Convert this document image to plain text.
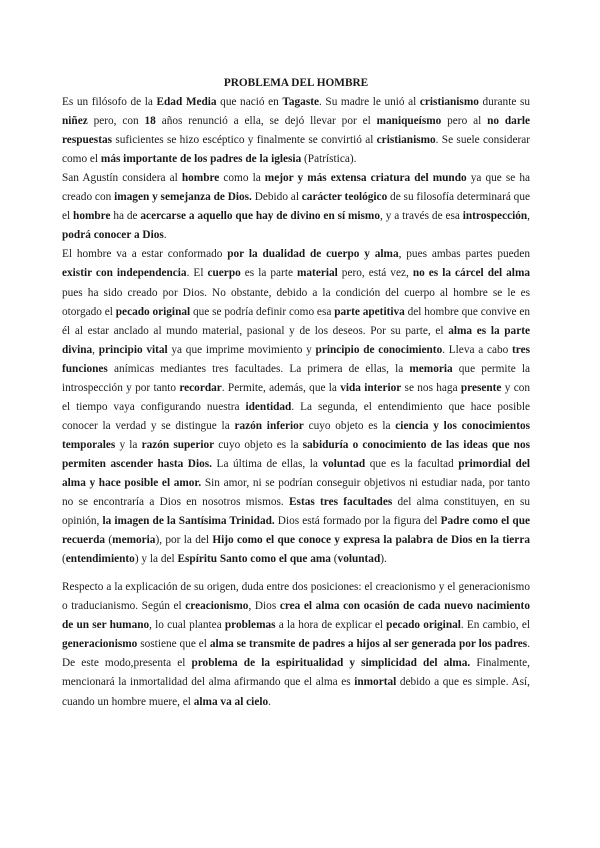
PROBLEMA DEL HOMBRE

Es un filósofo de la Edad Media que nació en Tagaste. Su madre le unió al cristianismo durante su niñez pero, con 18 años renunció a ella, se dejó llevar por el maniqueísmo pero al no darle respuestas suficientes se hizo escéptico y finalmente se convirtió al cristianismo. Se suele considerar como el más importante de los padres de la iglesia (Patrística).

San Agustín considera al hombre como la mejor y más extensa criatura del mundo ya que se ha creado con imagen y semejanza de Dios. Debido al carácter teológico de su filosofía determinará que el hombre ha de acercarse a aquello que hay de divino en sí mismo, y a través de esa introspección, podrá conocer a Dios.

El hombre va a estar conformado por la dualidad de cuerpo y alma, pues ambas partes pueden existir con independencia. El cuerpo es la parte material pero, está vez, no es la cárcel del alma pues ha sido creado por Dios. No obstante, debido a la condición del cuerpo al hombre se le es otorgado el pecado original que se podría definir como esa parte apetitiva del hombre que convive en él al estar anclado al mundo material, pasional y de los deseos. Por su parte, el alma es la parte divina, principio vital ya que imprime movimiento y principio de conocimiento. Lleva a cabo tres funciones anímicas mediantes tres facultades. La primera de ellas, la memoria que permite la introspección y por tanto recordar. Permite, además, que la vida interior se nos haga presente y con el tiempo vaya configurando nuestra identidad. La segunda, el entendimiento que hace posible conocer la verdad y se distingue la razón inferior cuyo objeto es la ciencia y los conocimientos temporales y la razón superior cuyo objeto es la sabiduría o conocimiento de las ideas que nos permiten ascender hasta Dios. La última de ellas, la voluntad que es la facultad primordial del alma y hace posible el amor. Sin amor, ni se podrían conseguir objetivos ni estudiar nada, por tanto no se encontraría a Dios en nosotros mismos. Estas tres facultades del alma constituyen, en su opinión, la imagen de la Santísima Trinidad. Dios está formado por la figura del Padre como el que recuerda (memoria), por la del Hijo como el que conoce y expresa la palabra de Dios en la tierra (entendimiento) y la del Espíritu Santo como el que ama (voluntad).

Respecto a la explicación de su origen, duda entre dos posiciones: el creacionismo y el generacionismo o traducianismo. Según el creacionismo, Dios crea el alma con ocasión de cada nuevo nacimiento de un ser humano, lo cual plantea problemas a la hora de explicar el pecado original. En cambio, el generacionismo sostiene que el alma se transmite de padres a hijos al ser generada por los padres. De este modo,presenta el problema de la espiritualidad y simplicidad del alma. Finalmente, mencionará la inmortalidad del alma afirmando que el alma es inmortal debido a que es simple. Así, cuando un hombre muere, el alma va al cielo.
